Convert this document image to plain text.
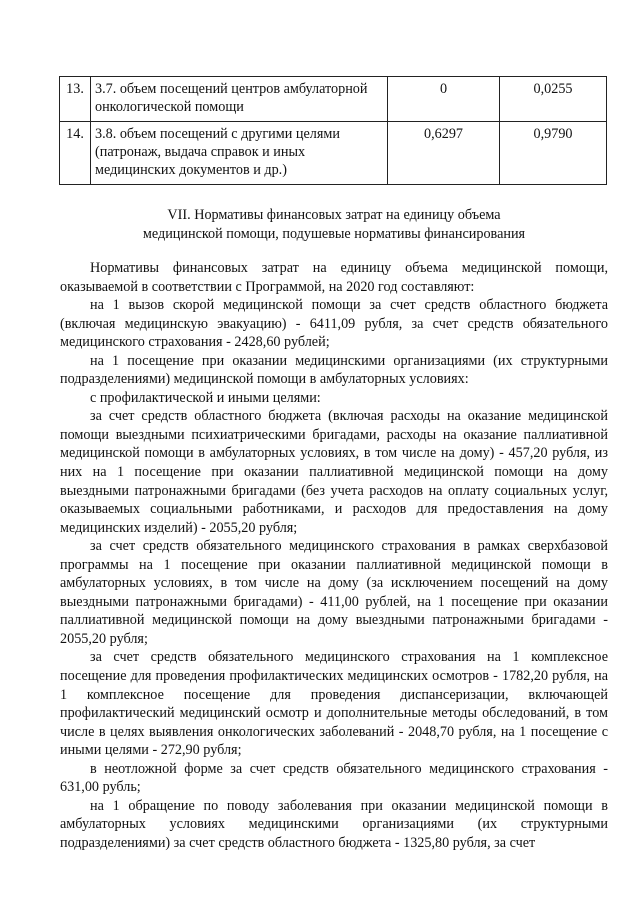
13.	3.7. объем посещений центров амбулаторной
онкологической помощи	0	0,0255
14.	3.8. объем посещений с другими целями
(патронаж, выдача справок и иных
медицинских документов и др.)	0,6297	0,9790
VII. Нормативы финансовых затрат на единицу объема
медицинской помощи, подушевые нормативы финансирования

Нормативы финансовых затрат на единицу объема медицинской помощи, оказываемой в соответствии с Программой, на 2020 год составляют:

на 1 вызов скорой медицинской помощи за счет средств областного бюджета (включая медицинскую эвакуацию) - 6411,09 рубля, за счет средств обязательного медицинского страхования - 2428,60 рублей;

на 1 посещение при оказании медицинскими организациями (их структурными подразделениями) медицинской помощи в амбулаторных условиях:

с профилактической и иными целями:

за счет средств областного бюджета (включая расходы на оказание медицинской помощи выездными психиатрическими бригадами, расходы на оказание паллиативной медицинской помощи в амбулаторных условиях, в том числе на дому) - 457,20 рубля, из них на 1 посещение при оказании паллиативной медицинской помощи на дому выездными патронажными бригадами (без учета расходов на оплату социальных услуг, оказываемых социальными работниками, и расходов для предоставления на дому медицинских изделий) - 2055,20 рубля;

за счет средств обязательного медицинского страхования в рамках сверхбазовой программы на 1 посещение при оказании паллиативной медицинской помощи в амбулаторных условиях, в том числе на дому (за исключением посещений на дому выездными патронажными бригадами) - 411,00 рублей, на 1 посещение при оказании паллиативной медицинской помощи на дому выездными патронажными бригадами - 2055,20 рубля;

за счет средств обязательного медицинского страхования на 1 комплексное посещение для проведения профилактических медицинских осмотров - 1782,20 рубля, на 1 комплексное посещение для проведения диспансеризации, включающей профилактический медицинский осмотр и дополнительные методы обследований, в том числе в целях выявления онкологических заболеваний - 2048,70 рубля, на 1 посещение с иными целями - 272,90 рубля;

в неотложной форме за счет средств обязательного медицинского страхования - 631,00 рубль;

на 1 обращение по поводу заболевания при оказании медицинской помощи в амбулаторных условиях медицинскими организациями (их структурными подразделениями) за счет средств областного бюджета - 1325,80 рубля, за счет
